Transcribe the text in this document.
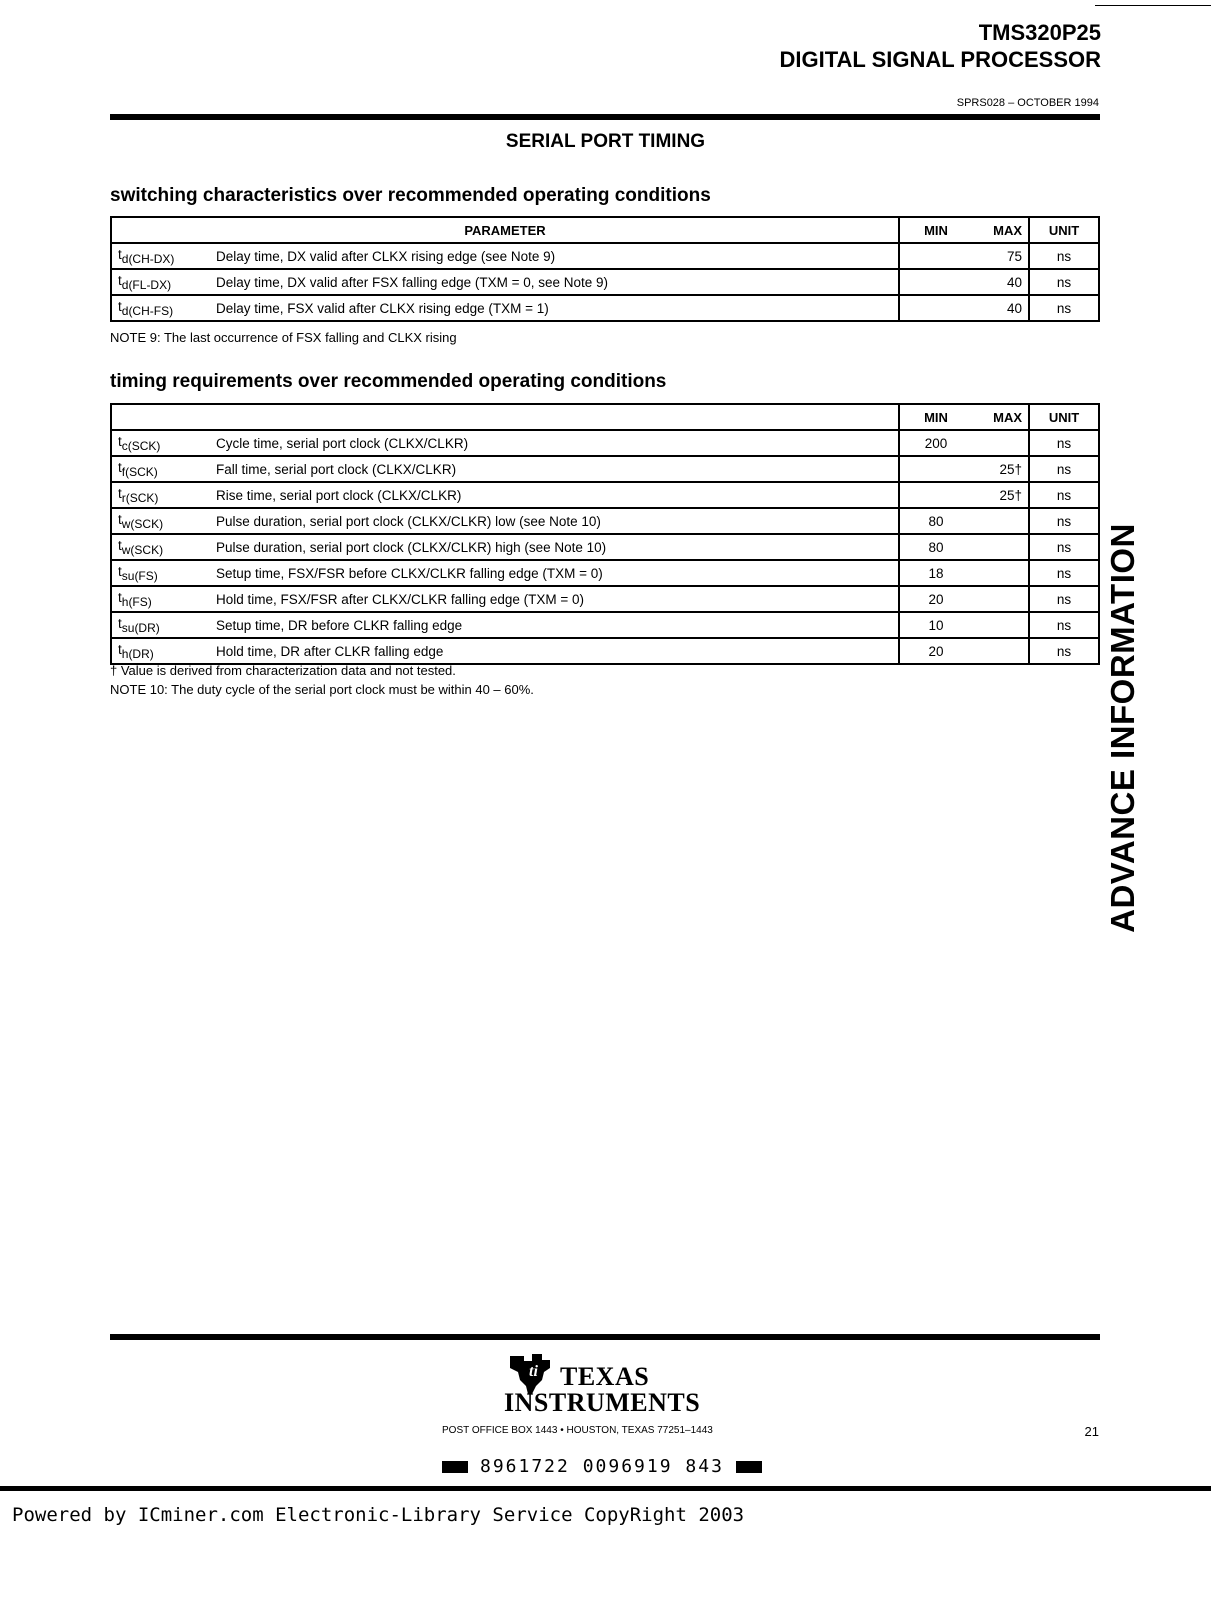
TMS320P25
DIGITAL SIGNAL PROCESSOR
SPRS028 – OCTOBER 1994
SERIAL PORT TIMING
switching characteristics over recommended operating conditions
PARAMETER		MIN	MAX	UNIT
$t_{d(CH-DX)}$	Delay time, DX valid after CLKX rising edge (see Note 9)		75	ns
$t_{d(FL-DX)}$	Delay time, DX valid after FSX falling edge (TXM = 0, see Note 9)		40	ns
$t_{d(CH-FS)}$	Delay time, FSX valid after CLKX rising edge (TXM = 1)		40	ns
NOTE 9: The last occurrence of FSX falling and CLKX rising
timing requirements over recommended operating conditions
		MIN	MAX	UNIT
$t_{c(SCK)}$	Cycle time, serial port clock (CLKX/CLKR)	200		ns
$t_{f(SCK)}$	Fall time, serial port clock (CLKX/CLKR)		25†	ns
$t_{r(SCK)}$	Rise time, serial port clock (CLKX/CLKR)		25†	ns
$t_{w(SCK)}$	Pulse duration, serial port clock (CLKX/CLKR) low (see Note 10)	80		ns
$t_{w(SCK)}$	Pulse duration, serial port clock (CLKX/CLKR) high (see Note 10)	80		ns
$t_{su(FS)}$	Setup time, FSX/FSR before CLKX/CLKR falling edge (TXM = 0)	18		ns
$t_{h(FS)}$	Hold time, FSX/FSR after CLKX/CLKR falling edge (TXM = 0)	20		ns
$t_{su(DR)}$	Setup time, DR before CLKR falling edge	10		ns
$t_{h(DR)}$	Hold time, DR after CLKR falling edge	20		ns
† Value is derived from characterization data and not tested.
NOTE 10: The duty cycle of the serial port clock must be within 40 – 60%.	ADVANCE INFORMATION
ti TEXAS
INSTRUMENTS
POST OFFICE BOX 1443 • HOUSTON, TEXAS 77251–1443	21
8961722 0096919 843
Powered by ICminer.com Electronic-Library Service CopyRight 2003
